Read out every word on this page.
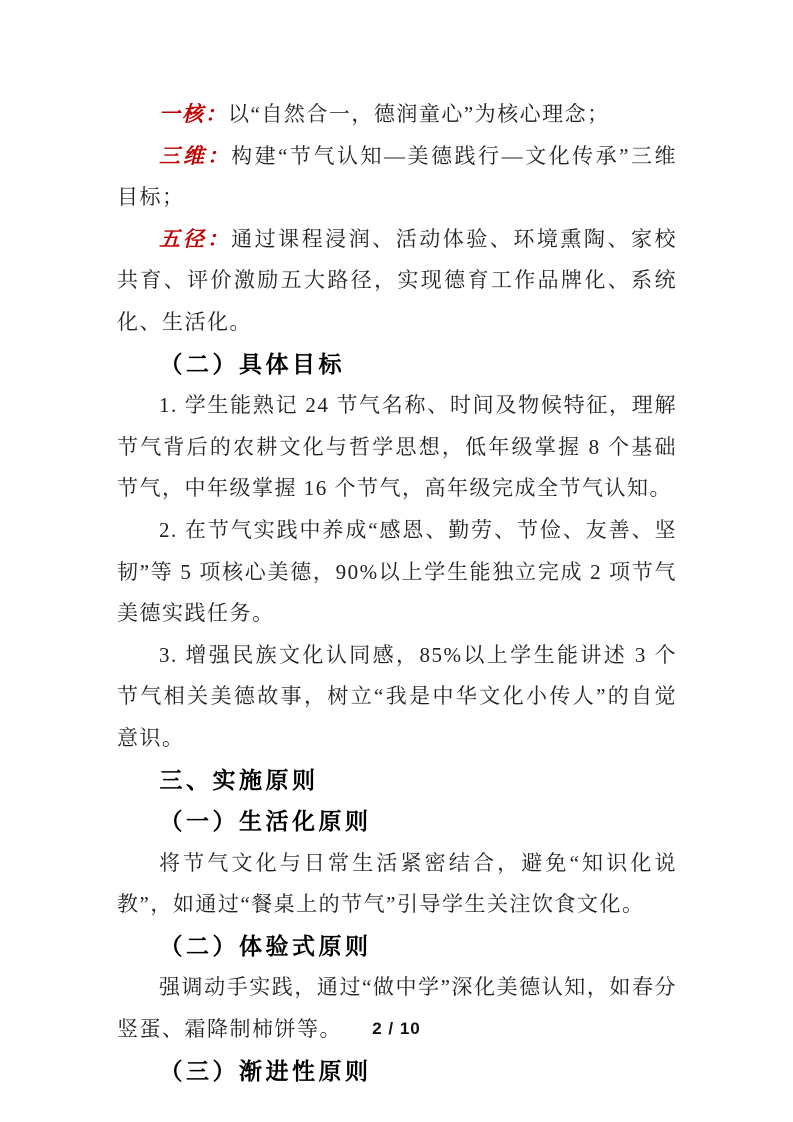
一核：以“自然合一，德润童心”为核心理念；
三维：构建“节气认知—美德践行—文化传承”三维目标；
五径：通过课程浸润、活动体验、环境熏陶、家校共育、评价激励五大路径，实现德育工作品牌化、系统化、生活化。
（二）具体目标
1. 学生能熟记 24 节气名称、时间及物候特征，理解节气背后的农耕文化与哲学思想，低年级掌握 8 个基础节气，中年级掌握 16 个节气，高年级完成全节气认知。
2. 在节气实践中养成“感恩、勤劳、节俭、友善、坚韧”等 5 项核心美德，90%以上学生能独立完成 2 项节气美德实践任务。
3. 增强民族文化认同感，85%以上学生能讲述 3 个节气相关美德故事，树立“我是中华文化小传人”的自觉意识。
三、实施原则
（一）生活化原则
将节气文化与日常生活紧密结合，避免“知识化说教”，如通过“餐桌上的节气”引导学生关注饮食文化。
（二）体验式原则
强调动手实践，通过“做中学”深化美德认知，如春分竖蛋、霜降制柿饼等。
（三）渐进性原则
2 / 10
